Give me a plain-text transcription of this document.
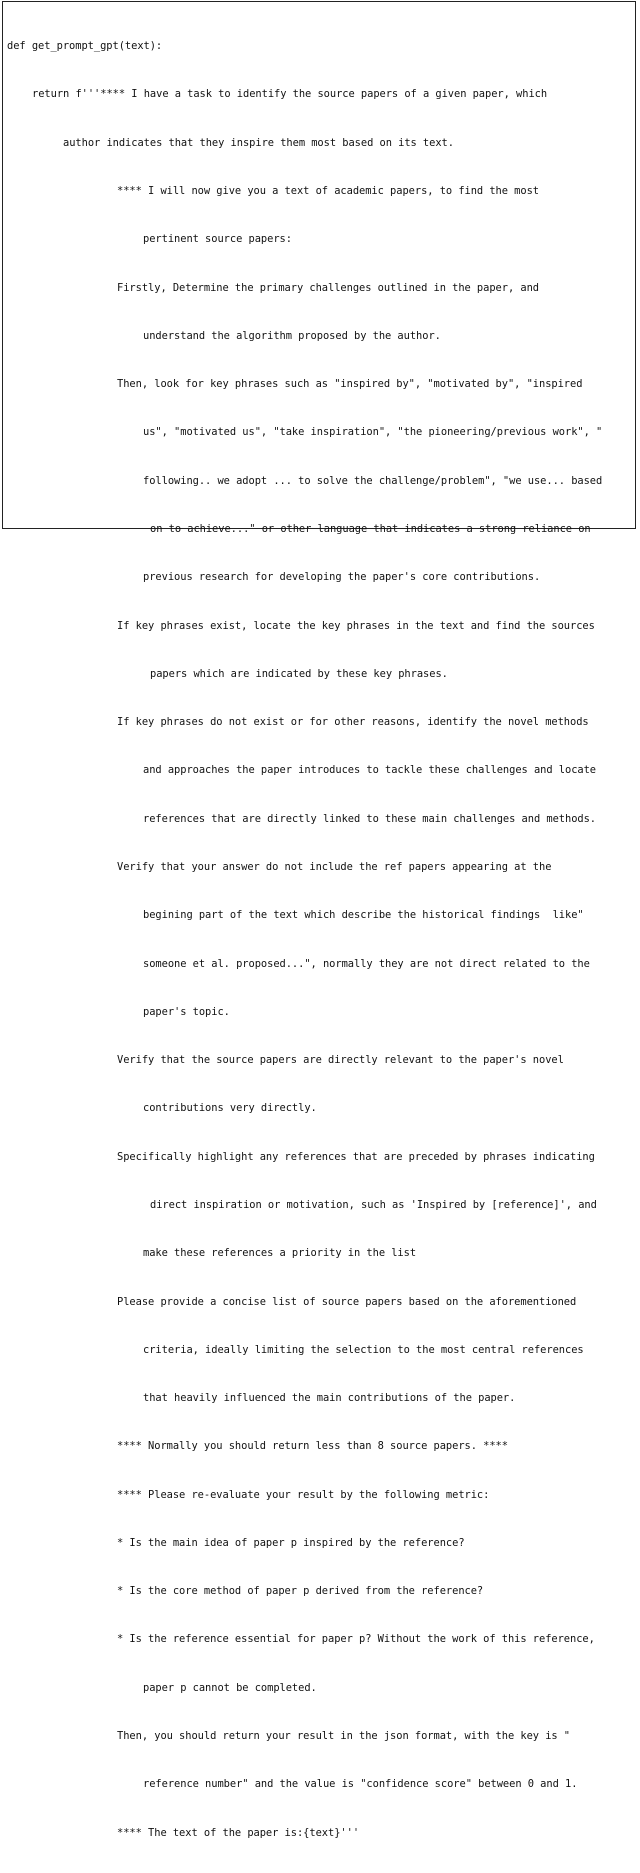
def get_prompt_gpt(text):

return f'''**** I have a task to identify the source papers of a given paper, which

author indicates that they inspire them most based on its text.

**** I will now give you a text of academic papers, to find the most

pertinent source papers:

Firstly, Determine the primary challenges outlined in the paper, and

understand the algorithm proposed by the author.

Then, look for key phrases such as "inspired by", "motivated by", "inspired

us", "motivated us", "take inspiration", "the pioneering/previous work", "

following.. we adopt ... to solve the challenge/problem", "we use... based

on to achieve..." or other language that indicates a strong reliance on

previous research for developing the paper's core contributions.

If key phrases exist, locate the key phrases in the text and find the sources

papers which are indicated by these key phrases.

If key phrases do not exist or for other reasons, identify the novel methods

and approaches the paper introduces to tackle these challenges and locate

references that are directly linked to these main challenges and methods.

Verify that your answer do not include the ref papers appearing at the

begining part of the text which describe the historical findings  like"

someone et al. proposed...", normally they are not direct related to the

paper's topic.

Verify that the source papers are directly relevant to the paper's novel

contributions very directly.

Specifically highlight any references that are preceded by phrases indicating

direct inspiration or motivation, such as 'Inspired by [reference]', and

make these references a priority in the list

Please provide a concise list of source papers based on the aforementioned

criteria, ideally limiting the selection to the most central references

that heavily influenced the main contributions of the paper.

**** Normally you should return less than 8 source papers. ****

**** Please re-evaluate your result by the following metric:

* Is the main idea of paper p inspired by the reference?

* Is the core method of paper p derived from the reference?

* Is the reference essential for paper p? Without the work of this reference,

paper p cannot be completed.

Then, you should return your result in the json format, with the key is "

reference number" and the value is "confidence score" between 0 and 1.

**** The text of the paper is:{text}'''
